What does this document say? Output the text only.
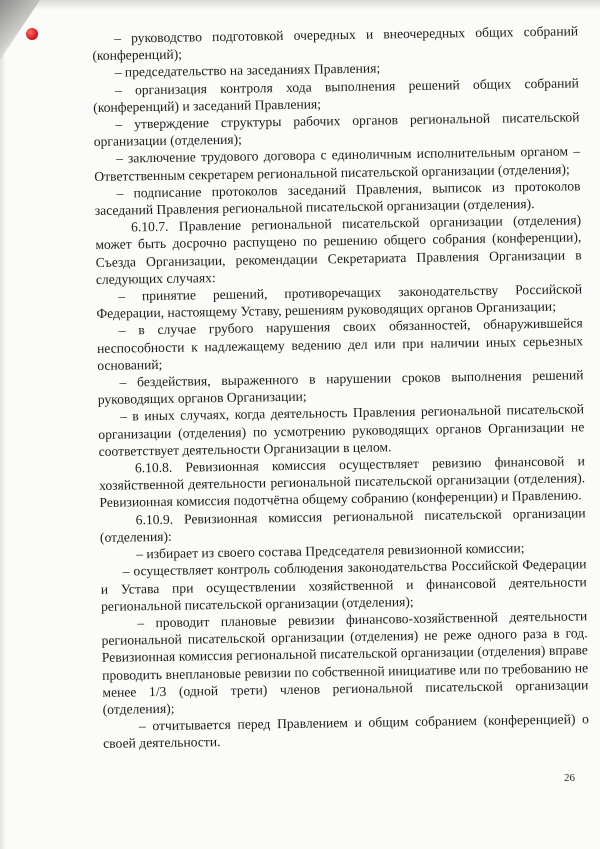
– руководство подготовкой очередных и внеочередных общих собраний (конференций);

– председательство на заседаниях Правления;

– организация контроля хода выполнения решений общих собраний (конференций) и заседаний Правления;

– утверждение структуры рабочих органов региональной писательской организации (отделения);

– заключение трудового договора с единоличным исполнительным органом – Ответственным секретарем региональной писательской организации (отделения);

– подписание протоколов заседаний Правления, выписок из протоколов заседаний Правления региональной писательской организации (отделения).

6.10.7. Правление региональной писательской организации (отделения) может быть досрочно распущено по решению общего собрания (конференции), Съезда Организации, рекомендации Секретариата Правления Организации в следующих случаях:

– принятие решений, противоречащих законодательству Российской Федерации, настоящему Уставу, решениям руководящих органов Организации;

– в случае грубого нарушения своих обязанностей, обнаружившейся неспособности к надлежащему ведению дел или при наличии иных серьезных оснований;

– бездействия, выраженного в нарушении сроков выполнения решений руководящих органов Организации;

– в иных случаях, когда деятельность Правления региональной писательской организации (отделения) по усмотрению руководящих органов Организации не соответствует деятельности Организации в целом.

6.10.8. Ревизионная комиссия осуществляет ревизию финансовой и хозяйственной деятельности региональной писательской организации (отделения). Ревизионная комиссия подотчётна общему собранию (конференции) и Правлению.

6.10.9. Ревизионная комиссия региональной писательской организации (отделения):

– избирает из своего состава Председателя ревизионной комиссии;

– осуществляет контроль соблюдения законодательства Российской Федерации и Устава при осуществлении хозяйственной и финансовой деятельности региональной писательской организации (отделения);

– проводит плановые ревизии финансово-хозяйственной деятельности региональной писательской организации (отделения) не реже одного раза в год. Ревизионная комиссия региональной писательской организации (отделения) вправе проводить внеплановые ревизии по собственной инициативе или по требованию не менее 1/3 (одной трети) членов региональной писательской организации (отделения);

– отчитывается перед Правлением и общим собранием (конференцией) о своей деятельности.

26
